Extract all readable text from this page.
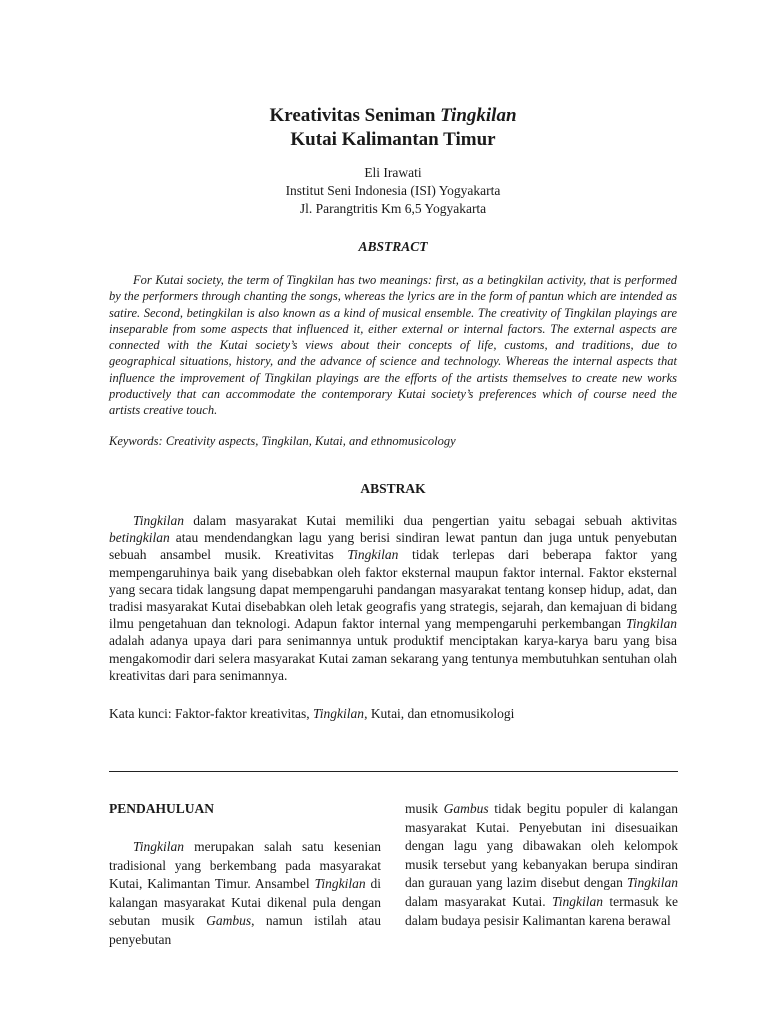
Kreativitas Seniman Tingkilan
Kutai Kalimantan Timur
Eli Irawati
Institut Seni Indonesia (ISI) Yogyakarta
Jl. Parangtritis Km 6,5 Yogyakarta
ABSTRACT

For Kutai society, the term of Tingkilan has two meanings: first, as a betingkilan activity, that is performed by the performers through chanting the songs, whereas the lyrics are in the form of pantun which are intended as satire. Second, betingkilan is also known as a kind of musical ensemble. The creativity of Tingkilan playings are inseparable from some aspects that influenced it, either external or internal factors. The external aspects are connected with the Kutai society’s views about their concepts of life, customs, and traditions, due to geographical situations, history, and the advance of science and technology. Whereas the internal aspects that influence the improvement of Tingkilan playings are the efforts of the artists themselves to create new works productively that can accommodate the contemporary Kutai society’s preferences which of course need the artists creative touch.

Keywords: Creativity aspects, Tingkilan, Kutai, and ethnomusicology

ABSTRAK

Tingkilan dalam masyarakat Kutai memiliki dua pengertian yaitu sebagai sebuah aktivitas betingkilan atau mendendangkan lagu yang berisi sindiran lewat pantun dan juga untuk penyebutan sebuah ansambel musik. Kreativitas Tingkilan tidak terlepas dari beberapa faktor yang mempengaruhinya baik yang disebabkan oleh faktor eksternal maupun faktor internal. Faktor eksternal yang secara tidak langsung dapat mempengaruhi pandangan masyarakat tentang konsep hidup, adat, dan tradisi masyarakat Kutai disebabkan oleh letak geografis yang strategis, sejarah, dan kemajuan di bidang ilmu pengetahuan dan teknologi. Adapun faktor internal yang mempengaruhi perkembangan Tingkilan adalah adanya upaya dari para senimannya untuk produktif menciptakan karya-karya baru yang bisa mengakomodir dari selera masyarakat Kutai zaman sekarang yang tentunya membutuhkan sentuhan olah kreativitas dari para senimannya.

Kata kunci: Faktor-faktor kreativitas, Tingkilan, Kutai, dan etnomusikologi

PENDAHULUAN

Tingkilan merupakan salah satu kesenian tradisional yang berkembang pada masyarakat Kutai, Kalimantan Timur. Ansambel Tingkilan di kalangan masyarakat Kutai dikenal pula dengan sebutan musik Gambus, namun istilah atau penyebutan

musik Gambus tidak begitu populer di kalangan masyarakat Kutai. Penyebutan ini disesuaikan dengan lagu yang dibawakan oleh kelompok musik tersebut yang kebanyakan berupa sindiran dan gurauan yang lazim disebut dengan Tingkilan dalam masyarakat Kutai. Tingkilan termasuk ke dalam budaya pesisir Kalimantan karena berawal
